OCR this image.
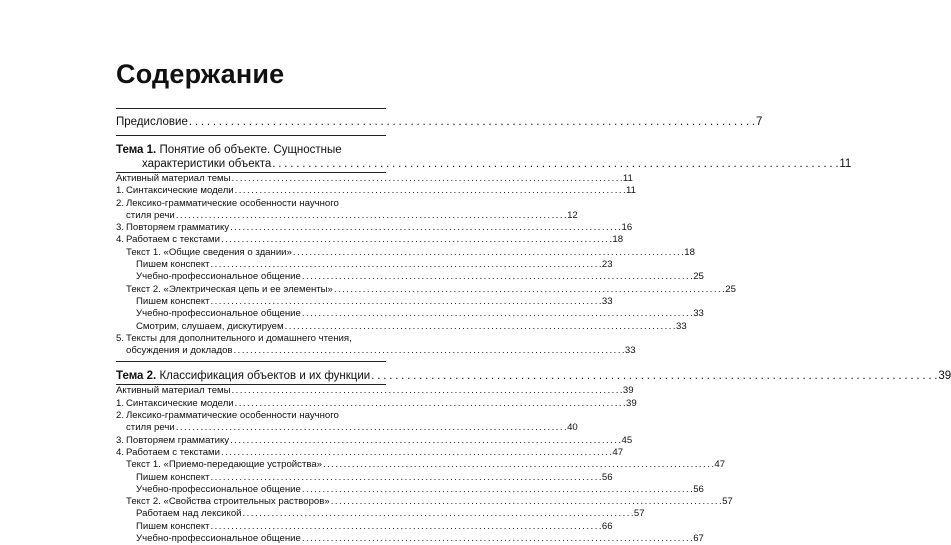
Содержание
Предисловие . . .	7
Тема 1. Понятие об объекте. Сущностные
характеристики объекта . . .	11
Активный материал темы . . .	11
1. Синтаксические модели . . .	11
2. Лексико-грамматические особенности научного
стиля речи . . .	12
3. Повторяем грамматику . . .	16
4. Работаем с текстами . . .	18
Текст 1. «Общие сведения о здании» . . .	18
Пишем конспект . . .	23
Учебно-профессиональное общение . . .	25
Текст 2. «Электрическая цепь и ее элементы» . . .	25
Пишем конспект . . .	33
Учебно-профессиональное общение . . .	33
Смотрим, слушаем, дискутируем . . .	33
5. Тексты для дополнительного и домашнего чтения,
обсуждения и докладов . . .	33
Тема 2. Классификация объектов и их функции . . .	39
Активный материал темы . . .	39
1. Синтаксические модели . . .	39
2. Лексико-грамматические особенности научного
стиля речи . . .	40
3. Повторяем грамматику . . .	45
4. Работаем с текстами . . .	47
Текст 1. «Приемо-передающие устройства» . . .	47
Пишем конспект . . .	56
Учебно-профессиональное общение . . .	56
Текст 2. «Свойства строительных растворов» . . .	57
Работаем над лексикой . . .	57
Пишем конспект . . .	66
Учебно-профессиональное общение . . .	67
